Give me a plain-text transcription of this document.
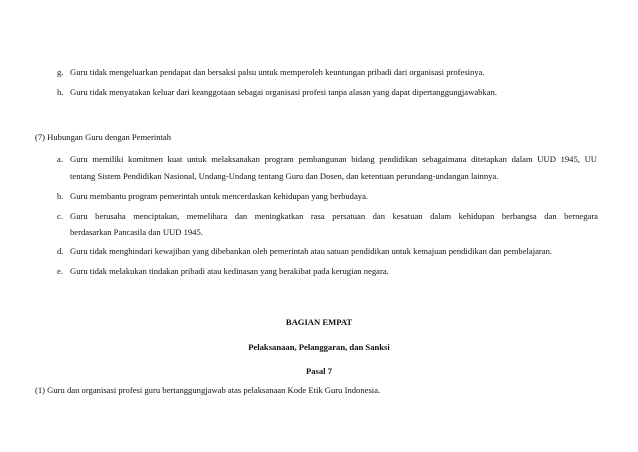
g. Guru tidak mengeluarkan pendapat dan bersaksi palsu untuk memperoleh keuntungan pribadi dari organisasi profesinya.
h. Guru tidak menyatakan keluar dari keanggotaan sebagai organisasi profesi tanpa alasan yang dapat dipertanggungjawabkan.
(7) Hubungan Guru dengan Pemerintah
a. Guru memiliki komitmen kuat untuk melaksanakan program pembangunan bidang pendidikan sebagaimana ditetapkan dalam UUD 1945, UU
tentang Sistem Pendidikan Nasional, Undang-Undang tentang Guru dan Dosen, dan ketentuan perundang-undangan lainnya.
b. Guru membantu program pemerintah untuk mencerdaskan kehidupan yang berbudaya.
c. Guru berusaha menciptakan, memelihara dan meningkatkan rasa persatuan dan kesatuan dalam kehidupan berbangsa dan bernegara
berdasarkan Pancasila dan UUD 1945.
d. Guru tidak menghindari kewajiban yang dibebankan oleh pemerintah atau satuan pendidikan untuk kemajuan pendidikan dan pembelajaran.
e. Guru tidak melakukan tindakan pribadi atau kedinasan yang berakibat pada kerugian negara.
BAGIAN EMPAT
Pelaksanaan, Pelanggaran, dan Sanksi
Pasal 7
(1) Guru dan organisasi profesi guru bertanggungjawab atas pelaksanaan Kode Etik Guru Indonesia.
